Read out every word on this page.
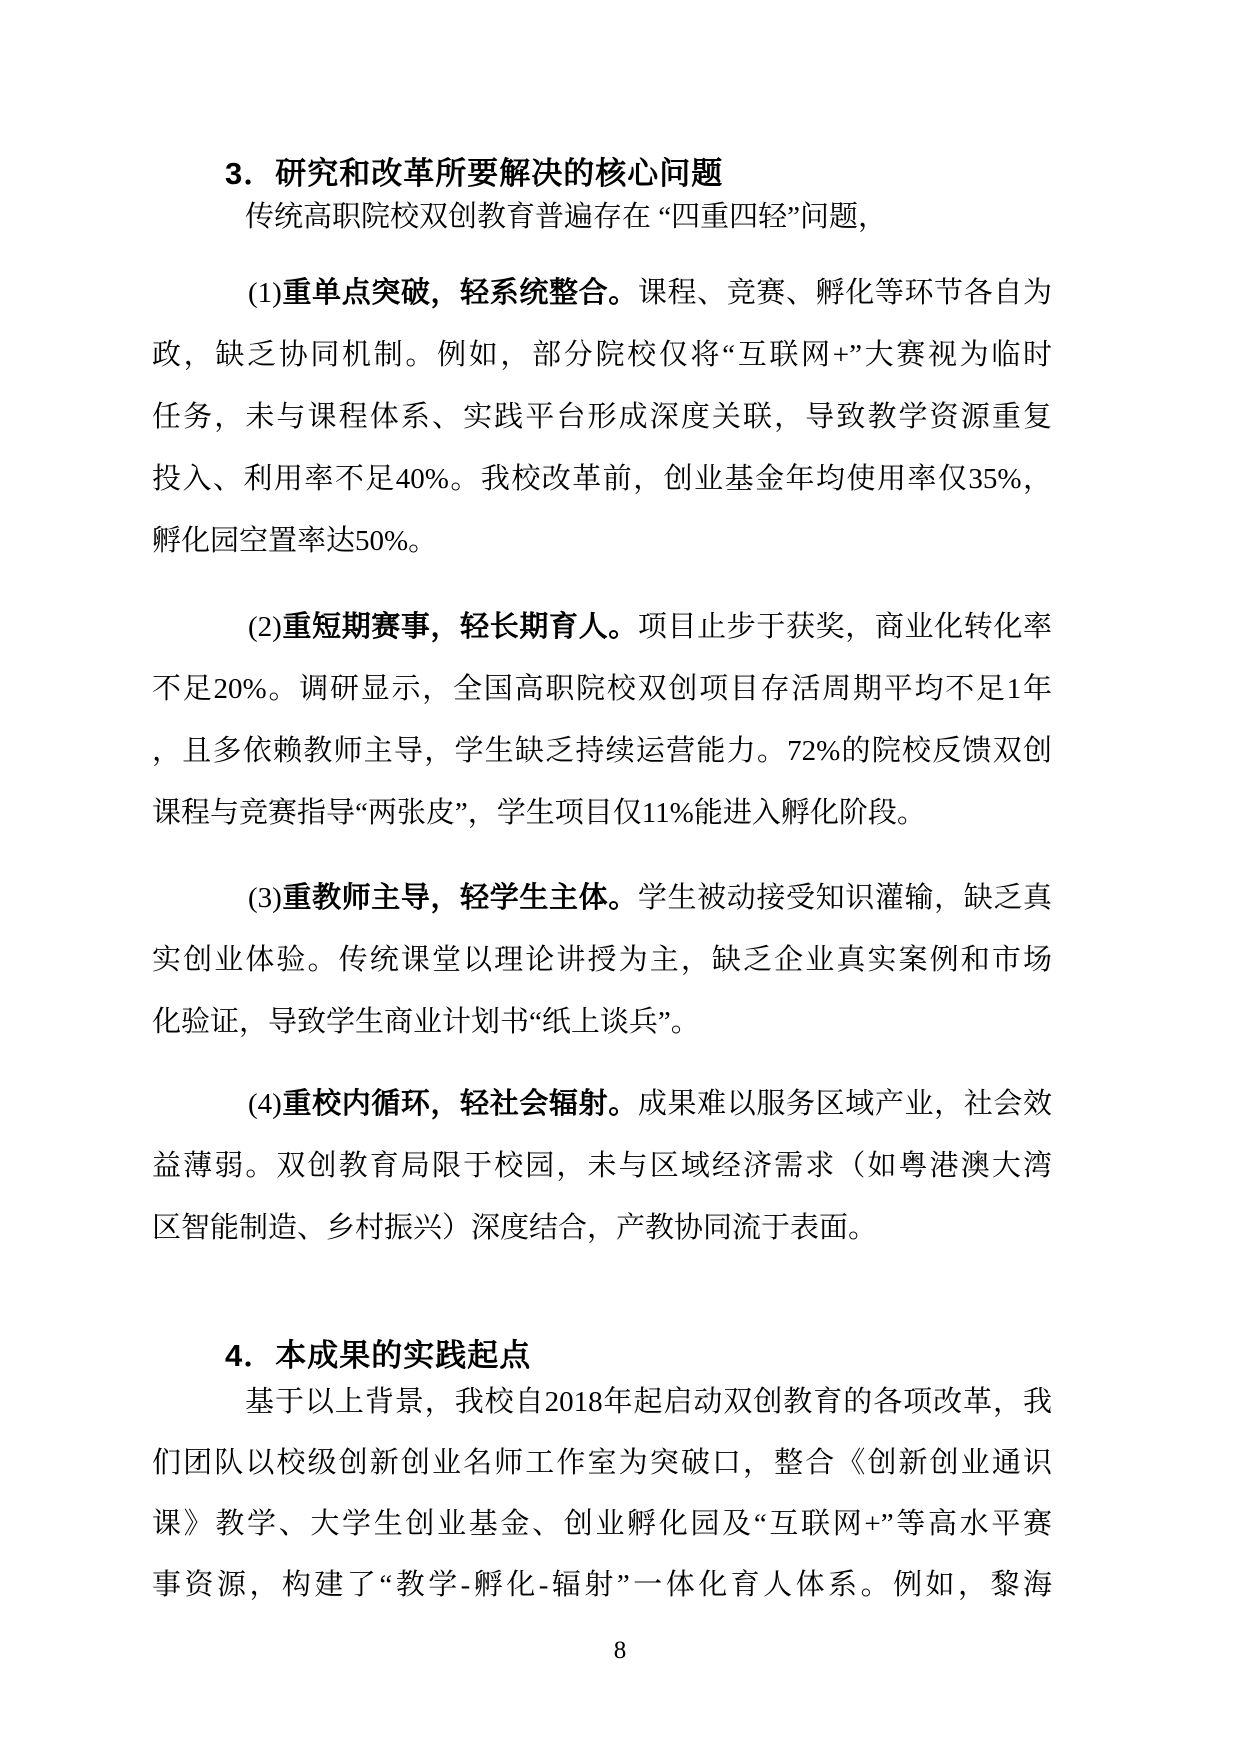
3．研究和改革所要解决的核心问题
传统高职院校双创教育普遍存在 “四重四轻”问题，
(1)重单点突破，轻系统整合。课程、竞赛、孵化等环节各自为
政，缺乏协同机制。例如，部分院校仅将“互联网+”大赛视为临时
任务，未与课程体系、实践平台形成深度关联，导致教学资源重复
投入、利用率不足40%。我校改革前，创业基金年均使用率仅35%，
孵化园空置率达50%。
(2)重短期赛事，轻长期育人。项目止步于获奖，商业化转化率
不足20%。调研显示，全国高职院校双创项目存活周期平均不足1年
，且多依赖教师主导，学生缺乏持续运营能力。72%的院校反馈双创
课程与竞赛指导“两张皮”，学生项目仅11%能进入孵化阶段。
(3)重教师主导，轻学生主体。学生被动接受知识灌输，缺乏真
实创业体验。传统课堂以理论讲授为主，缺乏企业真实案例和市场
化验证，导致学生商业计划书“纸上谈兵”。
(4)重校内循环，轻社会辐射。成果难以服务区域产业，社会效
益薄弱。双创教育局限于校园，未与区域经济需求（如粤港澳大湾
区智能制造、乡村振兴）深度结合，产教协同流于表面。
4．本成果的实践起点
基于以上背景，我校自2018年起启动双创教育的各项改革，我
们团队以校级创新创业名师工作室为突破口，整合《创新创业通识
课》教学、大学生创业基金、创业孵化园及“互联网+”等高水平赛
事资源，构建了“教学-孵化-辐射”一体化育人体系。例如，黎海
8
